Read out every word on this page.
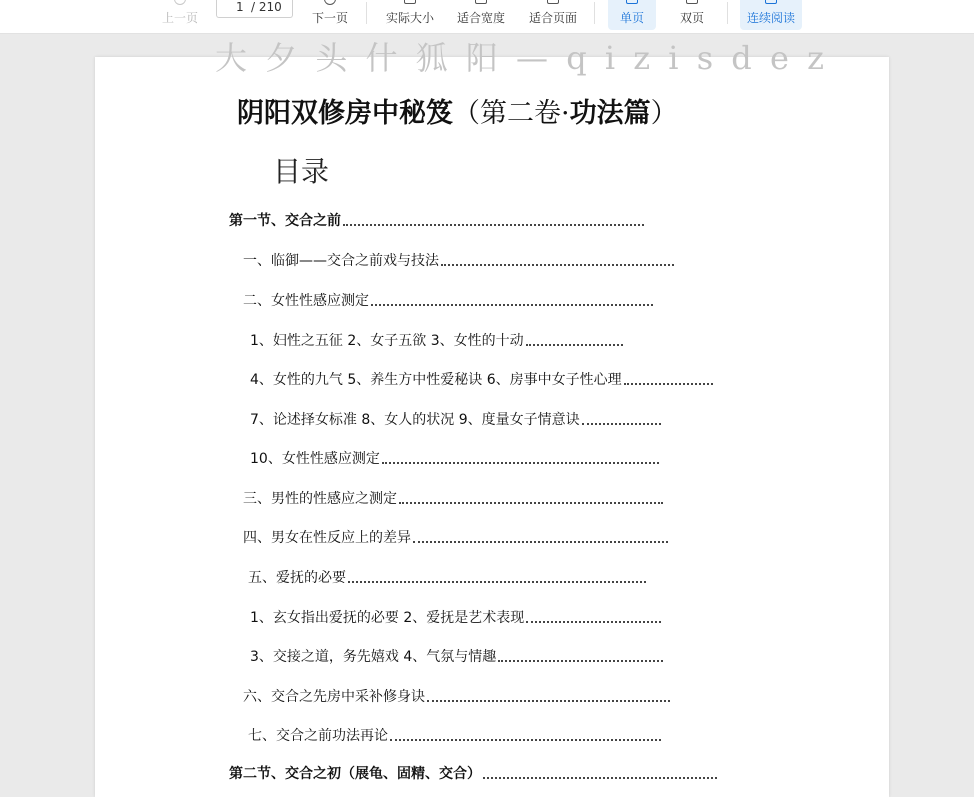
上一页
1 / 210
下一页	实际大小	适合宽度	适合页面	单页	双页	连续阅读
大 夕 头 什 狐 阳 — q i z i s d e z
阴阳双修房中秘笈（第二卷·功法篇）
目录
第一节、交合之前
一、临御——交合之前戏与技法
二、女性性感应测定
1、妇性之五征 2、女子五欲 3、女性的十动
4、女性的九气 5、养生方中性爱秘诀 6、房事中女子性心理
7、论述择女标准 8、女人的状况 9、度量女子情意诀
10、女性性感应测定
三、男性的性感应之测定
四、男女在性反应上的差异
五、爱抚的必要
1、玄女指出爱抚的必要 2、爱抚是艺术表现
3、交接之道，务先嬉戏 4、气氛与情趣
六、交合之先房中采补修身诀
七、交合之前功法再论
第二节、交合之初（展龟、固精、交合）
